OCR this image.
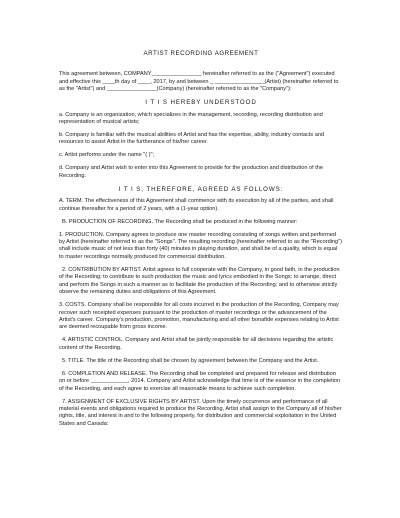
ARTIST RECORDING AGREEMENT

This agreement between, COMPANY________________ hereinafter referred to as the ("Agreement") executed and effective this ____th day of ____, 2017, by and between _ ________________(Artist) (hereinafter referred to as the "Artist") and ________________(Company) (hereinafter referred to as the "Company"):

I T I S HEREBY UNDERSTOOD

a. Company is an organization, which specializes in the management, recording, recording distribution and representation of musical artists;

b. Company is familiar with the musical abilities of Artist and has the expertise, ability, industry contacts and resources to assist Artist in the furtherance of his/her career.

c. Artist performs under the name "( )";

d. Company and Artist wish to enter into this Agreement to provide for the production and distribution of the Recording.

I T I S, THEREFORE, AGREED AS FOLLOWS:

A. TERM. The effectiveness of this Agreement shall commence with its execution by all of the parties, and shall continue thereafter for a period of 2 years, with a (1-year option).

B. PRODUCTION OF RECORDING. The Recording shall be produced in the following manner:

1. PRODUCTION. Company agrees to produce one master recording consisting of songs written and performed by Artist (hereinafter referred to as the "Songs". The resulting recording (hereinafter referred to as the "Recording") shall include music of not less than forty (40) minutes in playing duration, and shall be of a quality, which is equal to master recordings normally produced for commercial distribution.

2. CONTRIBUTION BY ARTIST. Artist agrees to full cooperate with the Company, in good faith, in the production of the Recording; to contribute to such production the music and lyrics embodied in the Songs; to arrange, direct and perform the Songs in such a manner as to facilitate the production of the Recording; and to otherwise strictly observe the remaining duties and obligations of this Agreement.

3. COSTS. Company shall be responsible for all costs incurred in the production of the Recording, Company may recover such receipted expenses pursuant to the production of master recordings or the advancement of the Artist's career. Company's production, promotion, manufacturing and all other bonafide expenses relating to Artist are deemed recoupable from gross income.

4. ARTISTIC CONTROL. Company and Artist shall be jointly responsible for all decisions regarding the artistic content of the Recording.

5. TITLE. The title of the Recording shall be chosen by agreement between the Company and the Artist.

6. COMPLETION AND RELEASE. The Recording shall be completed and prepared for release and distribution on or before ____________, 2014. Company and Artist acknowledge that time is of the essence in the completion of the Recording, and each agree to exercise all reasonable means to achieve such completion.

7. ASSIGNMENT OF EXCLUSIVE RIGHTS BY ARTIST. Upon the timely occurrence and performance of all material events and obligations required to produce the Recording, Artist shall assign to the Company all of his/her rights, title, and interest in and to the following property, for distribution and commercial exploitation in the United States and Canada:
